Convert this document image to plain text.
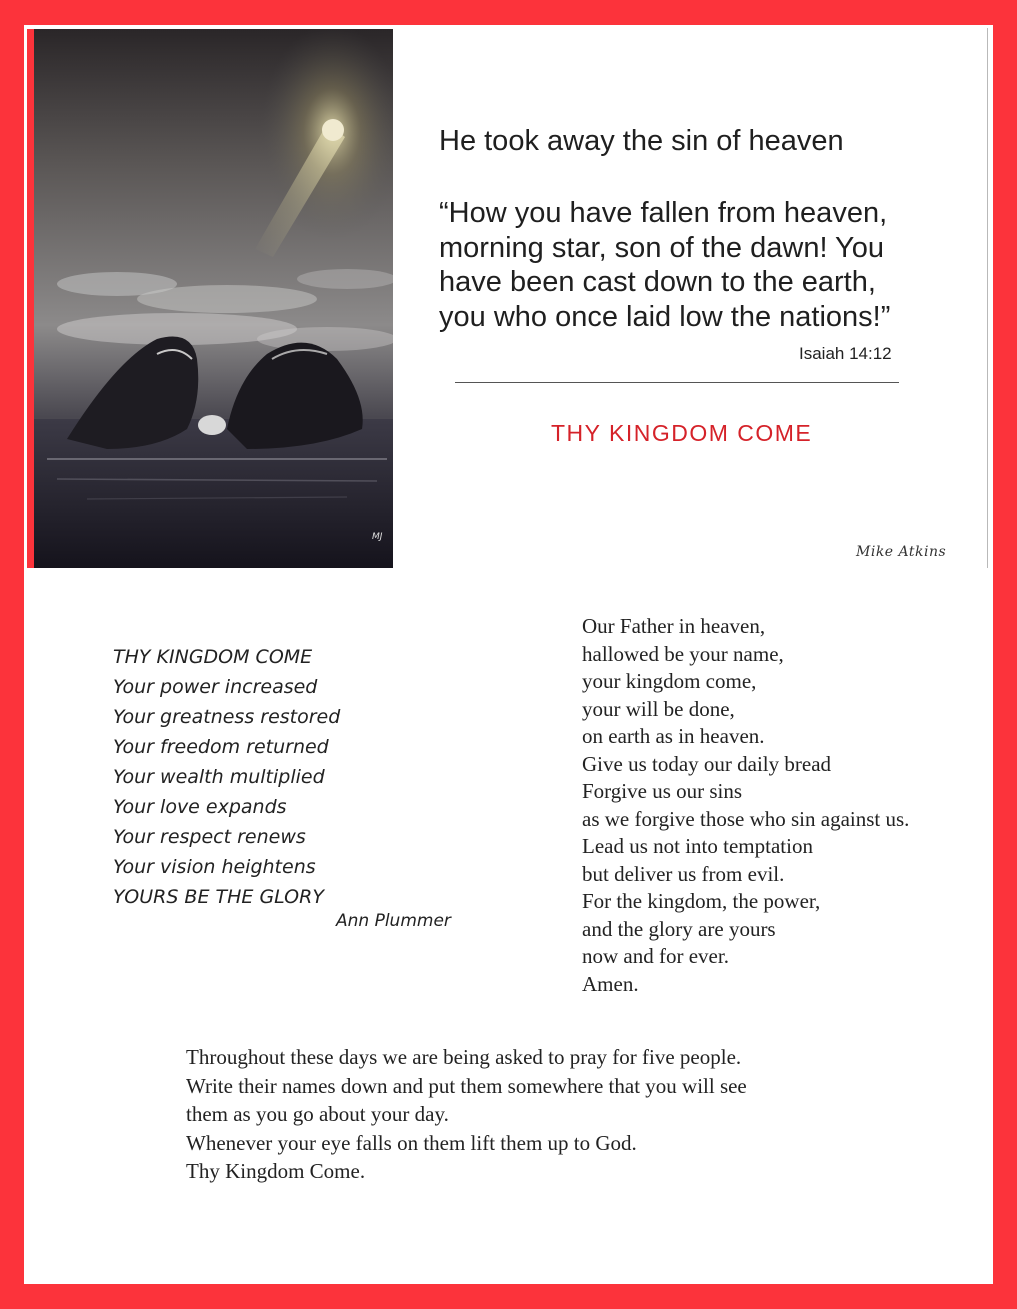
MJ
He took away the sin of heaven
“How you have fallen from heaven, morning star, son of the dawn! You have been cast down to the earth, you who once laid low the nations!”
Isaiah 14:12
THY KINGDOM COME
Mike Atkins
THY KINGDOM COME
Your power increased
Your greatness restored
Your freedom returned
Your wealth multiplied
Your love expands
Your respect renews
Your vision heightens
YOURS BE THE GLORY
Ann Plummer
Our Father in heaven,
hallowed be your name,
your kingdom come,
your will be done,
on earth as in heaven.
Give us today our daily bread
Forgive us our sins
as we forgive those who sin against us.
Lead us not into temptation
but deliver us from evil.
For the kingdom, the power,
and the glory are yours
now and for ever.
Amen.
Throughout these days we are being asked to pray for five people.
Write their names down and put them somewhere that you will see
them as you go about your day.
Whenever your eye falls on them lift them up to God.
Thy Kingdom Come.
